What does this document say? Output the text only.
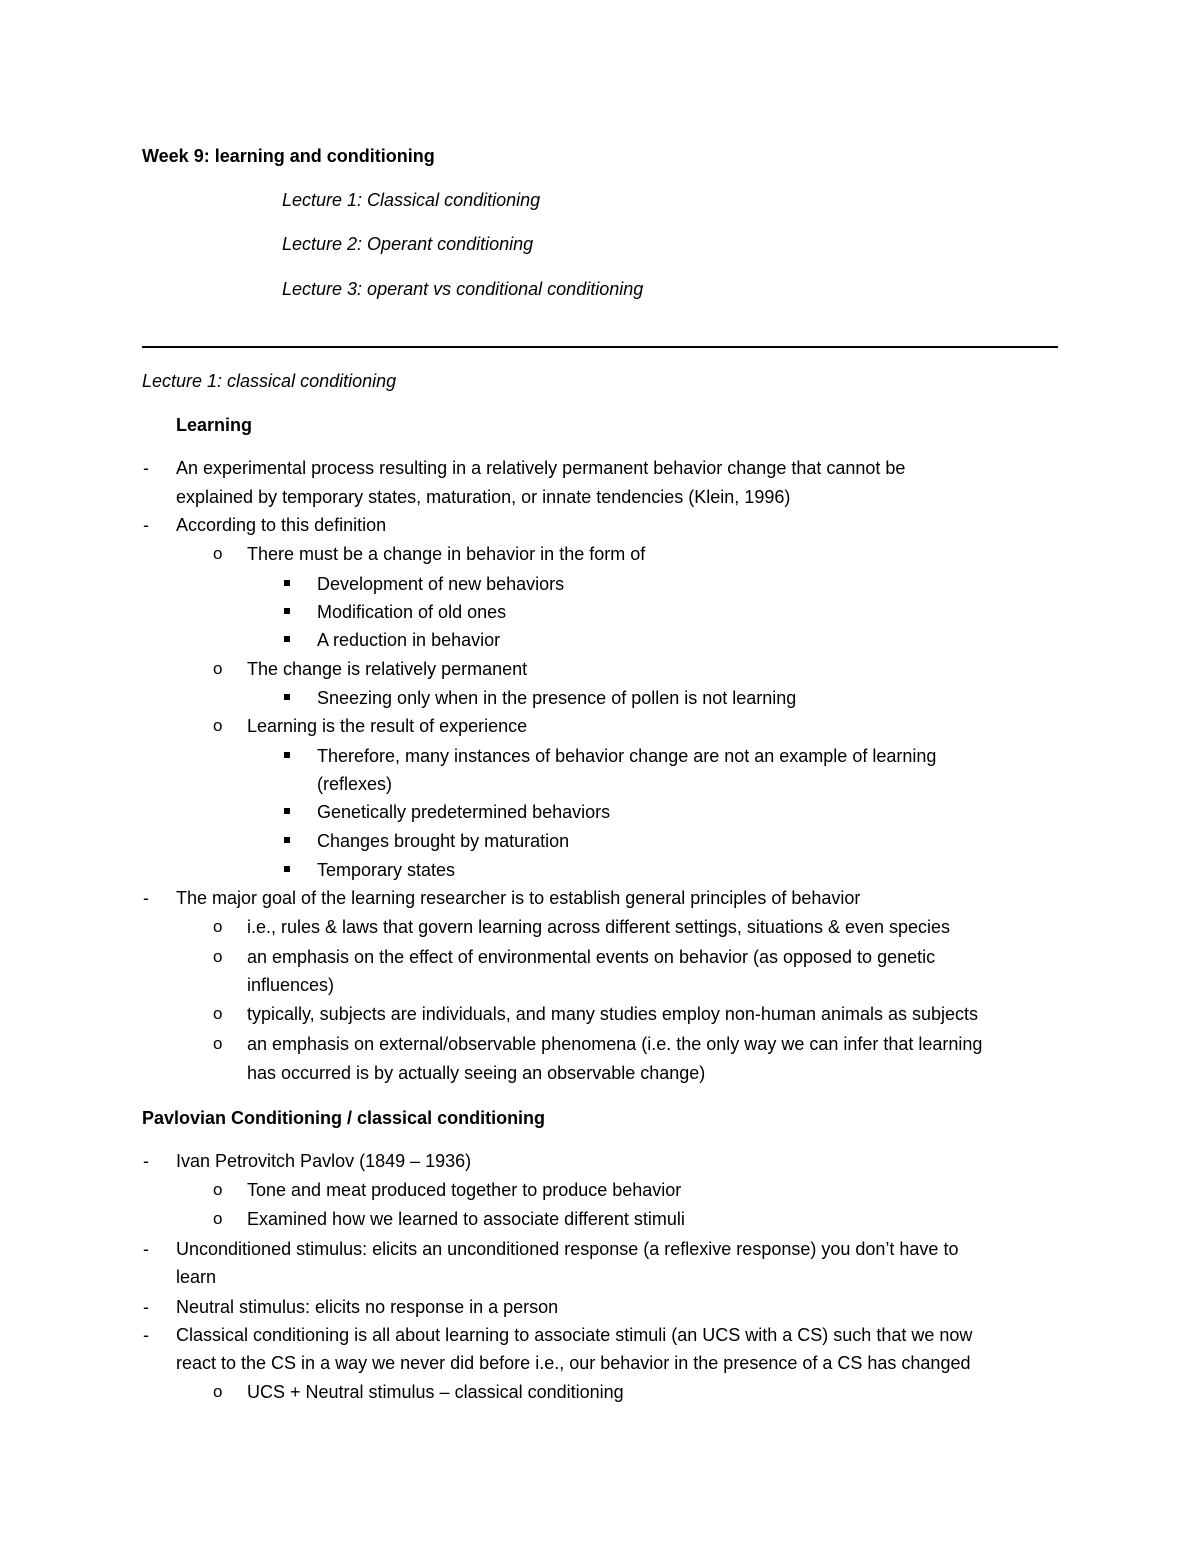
Week 9: learning and conditioning
Lecture 1: Classical conditioning
Lecture 2: Operant conditioning
Lecture 3: operant vs conditional conditioning
Lecture 1: classical conditioning
Learning
- An experimental process resulting in a relatively permanent behavior change that cannot be
explained by temporary states, maturation, or innate tendencies (Klein, 1996)
- According to this definition
o There must be a change in behavior in the form of
Development of new behaviors
Modification of old ones
A reduction in behavior
o The change is relatively permanent
Sneezing only when in the presence of pollen is not learning
o Learning is the result of experience
Therefore, many instances of behavior change are not an example of learning
(reflexes)
Genetically predetermined behaviors
Changes brought by maturation
Temporary states
- The major goal of the learning researcher is to establish general principles of behavior
o i.e., rules & laws that govern learning across different settings, situations & even species
o an emphasis on the effect of environmental events on behavior (as opposed to genetic
influences)
o typically, subjects are individuals, and many studies employ non-human animals as subjects
o an emphasis on external/observable phenomena (i.e. the only way we can infer that learning
has occurred is by actually seeing an observable change)
Pavlovian Conditioning / classical conditioning
- Ivan Petrovitch Pavlov (1849 – 1936)
o Tone and meat produced together to produce behavior
o Examined how we learned to associate different stimuli
- Unconditioned stimulus: elicits an unconditioned response (a reflexive response) you don’t have to
learn
- Neutral stimulus: elicits no response in a person
- Classical conditioning is all about learning to associate stimuli (an UCS with a CS) such that we now
react to the CS in a way we never did before i.e., our behavior in the presence of a CS has changed
o UCS + Neutral stimulus – classical conditioning
